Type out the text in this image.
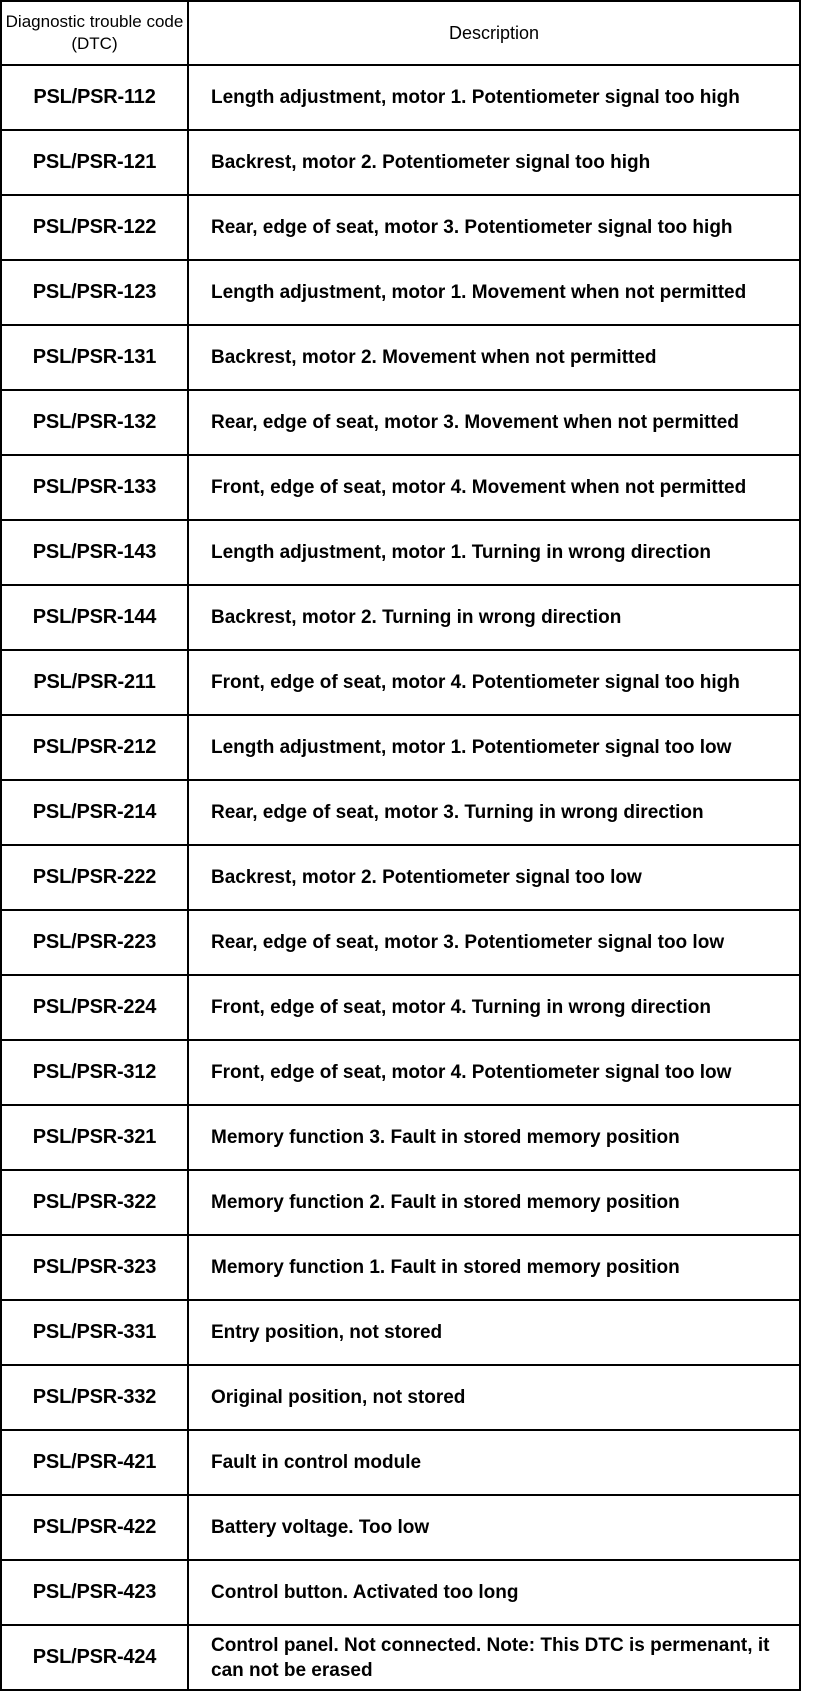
Diagnostic trouble code (DTC)	Description
PSL/PSR-112	Length adjustment, motor 1. Potentiometer signal too high
PSL/PSR-121	Backrest, motor 2. Potentiometer signal too high
PSL/PSR-122	Rear, edge of seat, motor 3. Potentiometer signal too high
PSL/PSR-123	Length adjustment, motor 1. Movement when not permitted
PSL/PSR-131	Backrest, motor 2. Movement when not permitted
PSL/PSR-132	Rear, edge of seat, motor 3. Movement when not permitted
PSL/PSR-133	Front, edge of seat, motor 4. Movement when not permitted
PSL/PSR-143	Length adjustment, motor 1. Turning in wrong direction
PSL/PSR-144	Backrest, motor 2. Turning in wrong direction
PSL/PSR-211	Front, edge of seat, motor 4. Potentiometer signal too high
PSL/PSR-212	Length adjustment, motor 1. Potentiometer signal too low
PSL/PSR-214	Rear, edge of seat, motor 3. Turning in wrong direction
PSL/PSR-222	Backrest, motor 2. Potentiometer signal too low
PSL/PSR-223	Rear, edge of seat, motor 3. Potentiometer signal too low
PSL/PSR-224	Front, edge of seat, motor 4. Turning in wrong direction
PSL/PSR-312	Front, edge of seat, motor 4. Potentiometer signal too low
PSL/PSR-321	Memory function 3. Fault in stored memory position
PSL/PSR-322	Memory function 2. Fault in stored memory position
PSL/PSR-323	Memory function 1. Fault in stored memory position
PSL/PSR-331	Entry position, not stored
PSL/PSR-332	Original position, not stored
PSL/PSR-421	Fault in control module
PSL/PSR-422	Battery voltage. Too low
PSL/PSR-423	Control button. Activated too long
PSL/PSR-424	Control panel. Not connected. Note: This DTC is permenant, it can not be erased
